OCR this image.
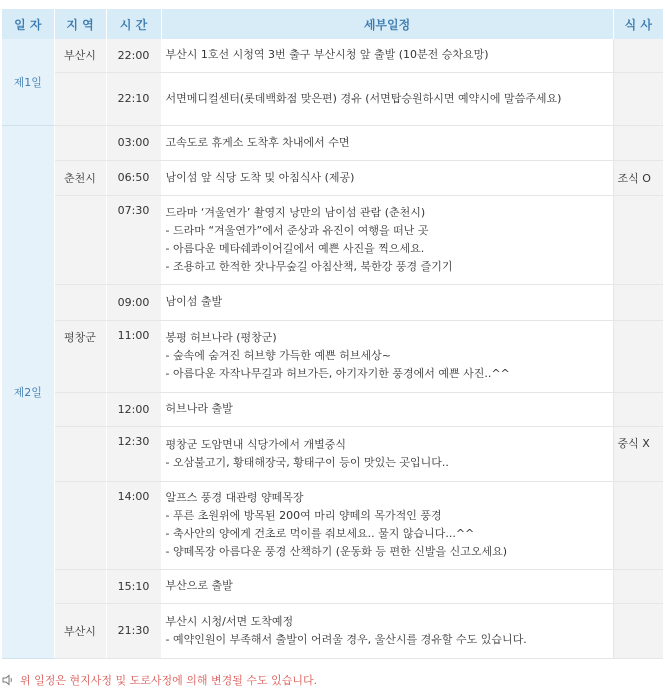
일 자	지 역	시 간	세부일정	식 사
제1일	부산시	22:00	부산시 1호선 시청역 3번 출구 부산시청 앞 출발 (10분전 승차요망)	

		22:10	서면메디컬센터(롯데백화점 맞은편) 경유 (서면탑승원하시면 예약시에 말씀주세요)	

제2일		03:00	고속도로 휴게소 도착후 차내에서 수면	

	춘천시	06:50	남이섬 앞 식당 도착 및 아침식사 (제공)	조식 O
		07:30	드라마 ‘겨울연가’ 촬영지 낭만의 남이섬 관람 (춘천시)
- 드라마 “겨울연가”에서 준상과 유진이 여행을 떠난 곳
- 아름다운 메타쉐콰이어길에서 예쁜 사진을 찍으세요.
- 조용하고 한적한 잣나무숲길 아침산책, 북한강 풍경 즐기기	

		09:00	남이섬 출발	

	평창군	11:00	봉평 허브나라 (평창군)
- 숲속에 숨겨진 허브향 가득한 예쁜 허브세상~
- 아름다운 자작나무길과 허브가든, 아기자기한 풍경에서 예쁜 사진..^^	

		12:00	허브나라 출발	

		12:30	평창군 도암면내 식당가에서 개별중식
- 오삼불고기, 황태해장국, 황태구이 등이 맛있는 곳입니다..	중식 X
		14:00	알프스 풍경 대관령 양떼목장
- 푸른 초원위에 방목된 200여 마리 양떼의 목가적인 풍경
- 축사안의 양에게 건초로 먹이를 줘보세요.. 물지 않습니다...^^
- 양떼목장 아름다운 풍경 산책하기 (운동화 등 편한 신발을 신고오세요)	

		15:10	부산으로 출발	

	부산시	21:30	부산시 시청/서면 도착예정
- 예약인원이 부족해서 출발이 어려울 경우, 울산시를 경유할 수도 있습니다.	

위 일정은 현지사정 및 도로사정에 의해 변경될 수도 있습니다.
